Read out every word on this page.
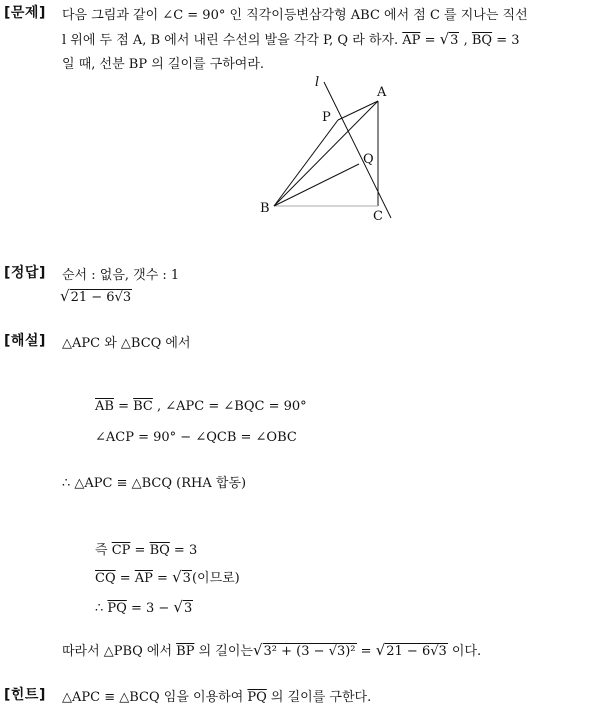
[문제] 다음 그림과 같이 ∠C = 90° 인 직각이등변삼각형 ABC 에서 점 C 를 지나는 직선
l 위에 두 점 A, B 에서 내린 수선의 발을 각각 P, Q 라 하자. $\overline{AP} = √3$ , $\overline{BQ} = 3$
일 때, 선분 BP 의 길이를 구하여라.
l
A
P
Q
B
C
[정답] 순서 : 없음, 갯수 : 1
√21 − 6√3
[해설] △APC 와 △BCQ 에서
$\overline{AB} = \overline{BC}$ , ∠APC = ∠BQC = 90°
∠ACP = 90° − ∠QCB = ∠OBC
∴ △APC ≡ △BCQ (RHA 합동)
즉 $\overline{CP} = \overline{BQ} = 3$
$\overline{CQ} = \overline{AP} = √3$(이므로)
∴ $\overline{PQ} = 3 - √3$
따라서 △PBQ 에서 $\overline{BP}$ 의 길이는√3² + (3 − √3)² = √21 − 6√3 이다.
[힌트] △APC ≡ △BCQ 임을 이용하여 $\overline{PQ}$ 의 길이를 구한다.
